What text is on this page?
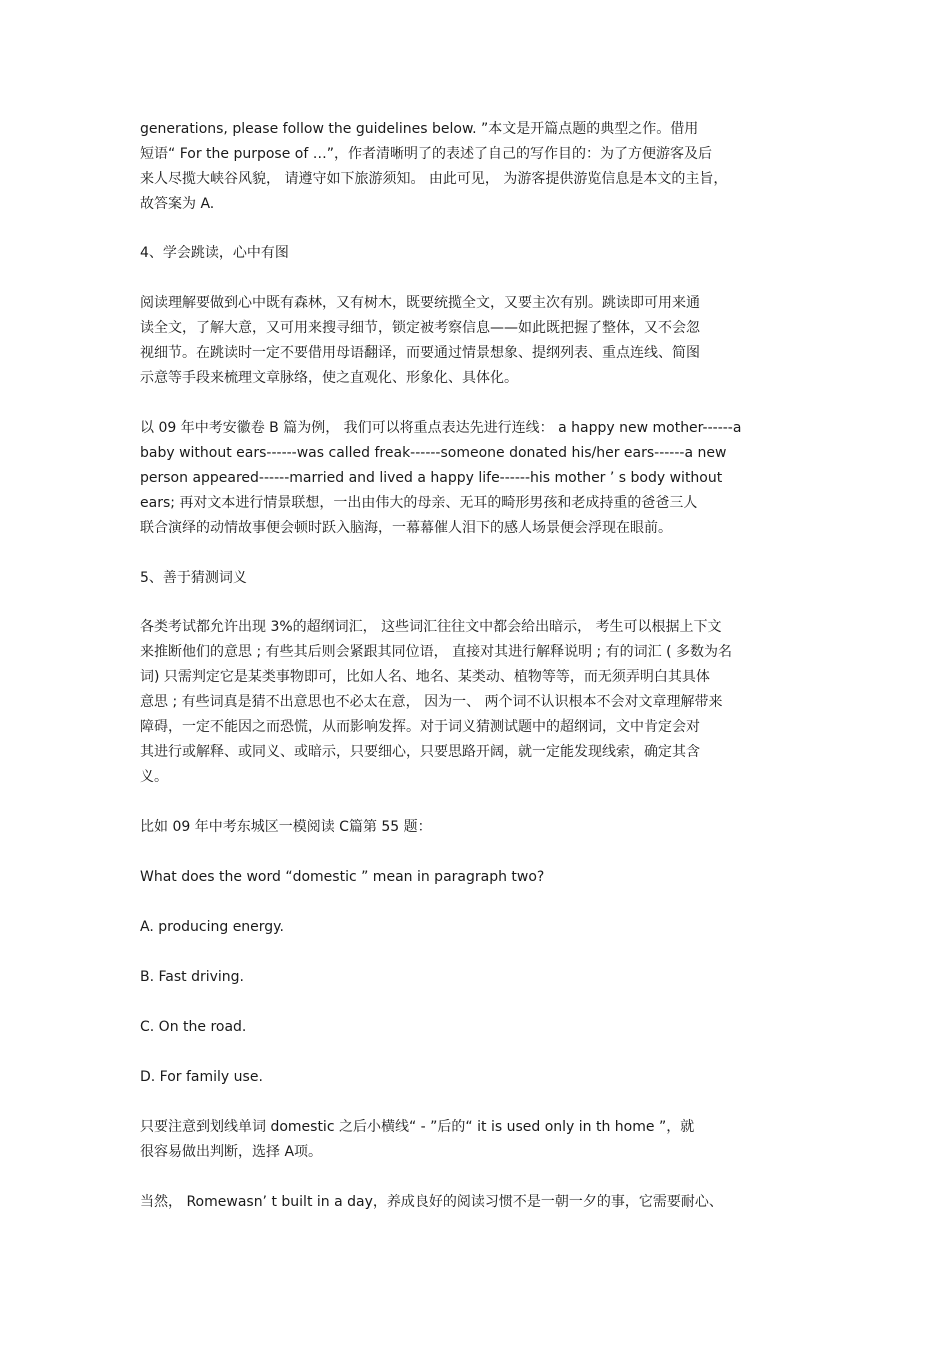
generations, please follow the guidelines below. ”本文是开篇点题的典型之作。借用
短语“ For the purpose of …”，作者清晰明了的表述了自己的写作目的：为了方便游客及后
来人尽揽大峡谷风貌， 请遵守如下旅游须知。 由此可见， 为游客提供游览信息是本文的主旨，
故答案为 A.
4、学会跳读，心中有图
阅读理解要做到心中既有森林，又有树木，既要统揽全文，又要主次有别。跳读即可用来通
读全文，了解大意，又可用来搜寻细节，锁定被考察信息——如此既把握了整体，又不会忽
视细节。在跳读时一定不要借用母语翻译，而要通过情景想象、提纲列表、重点连线、简图
示意等手段来梳理文章脉络，使之直观化、形象化、具体化。
以 09 年中考安徽卷 B 篇为例， 我们可以将重点表达先进行连线： a happy new mother------a
baby without ears------was called freak------someone donated his/her ears------a new
person appeared------married and lived a happy life------his mother ’ s body without
ears; 再对文本进行情景联想，一出由伟大的母亲、无耳的畸形男孩和老成持重的爸爸三人
联合演绎的动情故事便会顿时跃入脑海，一幕幕催人泪下的感人场景便会浮现在眼前。
5、善于猜测词义
各类考试都允许出现 3%的超纲词汇， 这些词汇往往文中都会给出暗示， 考生可以根据上下文
来推断他们的意思 ; 有些其后则会紧跟其同位语， 直接对其进行解释说明 ; 有的词汇 ( 多数为名
词) 只需判定它是某类事物即可，比如人名、地名、某类动、植物等等，而无须弄明白其具体
意思 ; 有些词真是猜不出意思也不必太在意， 因为一、 两个词不认识根本不会对文章理解带来
障碍，一定不能因之而恐慌，从而影响发挥。对于词义猜测试题中的超纲词，文中肯定会对
其进行或解释、或同义、或暗示，只要细心，只要思路开阔，就一定能发现线索，确定其含
义。
比如 09 年中考东城区一模阅读 C篇第 55 题：
What does the word “domestic ” mean in paragraph two?
A. producing energy.
B. Fast driving.
C. On the road.
D. For family use.
只要注意到划线单词 domestic 之后小横线“ - ”后的“ it is used only in th home ”，就
很容易做出判断，选择 A项。
当然， Romewasn’ t built in a day，养成良好的阅读习惯不是一朝一夕的事，它需要耐心、
